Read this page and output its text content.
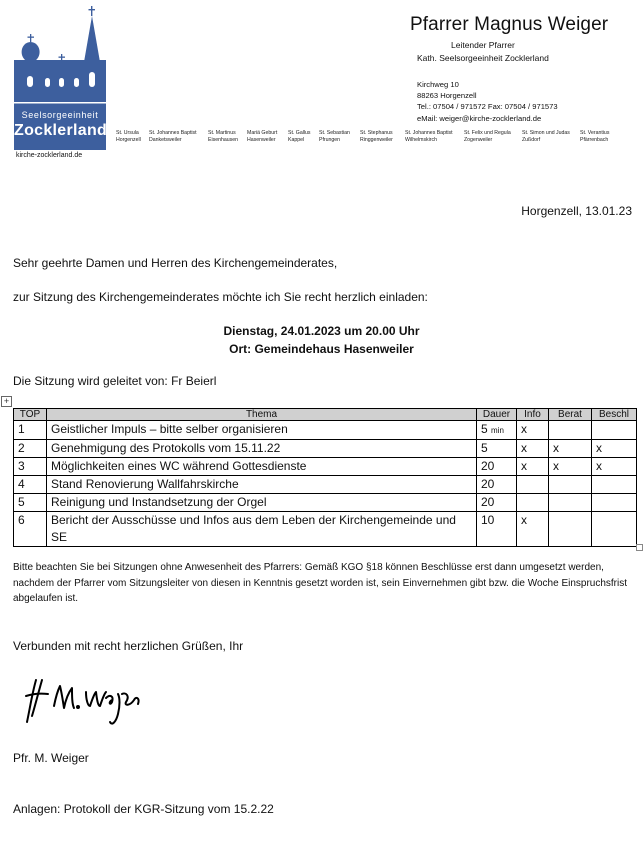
Seelsorgeeinheit
Zocklerland
kirche-zocklerland.de
St. Ursula
Horgenzell
St. Johannes Baptist
Danketsweiler
St. Martinus
Eisenhausen
Mariä Geburt
Hasenweiler
St. Gallus
Kappel
St. Sebastian
Pfrungen
St. Stephanus
Ringgenweiler
St. Johannes Baptist
Wilhelmskirch
St. Felix und Regula
Zogenweiler
St. Simon und Judas
Zußdorf
St. Verantius
Pfärrenbach
Pfarrer Magnus Weiger
Leitender Pfarrer
Kath. Seelsorgeeinheit Zocklerland
Kirchweg 10
88263 Horgenzell
Tel.: 07504 / 971572 Fax: 07504 / 971573
eMail: weiger@kirche-zocklerland.de
Horgenzell, 13.01.23
Sehr geehrte Damen und Herren des Kirchengemeinderates,
zur Sitzung des Kirchengemeinderates möchte ich Sie recht herzlich einladen:
Dienstag, 24.01.2023 um 20.00 Uhr
Ort: Gemeindehaus Hasenweiler
Die Sitzung wird geleitet von: Fr Beierl
+
TOP	Thema	Dauer	Info	Berat	Beschl
1	Geistlicher Impuls – bitte selber organisieren	5 min	x		
2	Genehmigung des Protokolls vom 15.11.22	5	x	x	x
3	Möglichkeiten eines WC während Gottesdienste	20	x	x	x
4	Stand Renovierung Wallfahrskirche	20			
5	Reinigung und Instandsetzung der Orgel	20			
6	Bericht der Ausschüsse und Infos aus dem Leben der Kirchengemeinde und SE	10	x		
Bitte beachten Sie bei Sitzungen ohne Anwesenheit des Pfarrers: Gemäß KGO §18 können Beschlüsse erst dann umgesetzt werden, nachdem der Pfarrer vom Sitzungsleiter von diesen in Kenntnis gesetzt worden ist, sein Einvernehmen gibt bzw. die Woche Einspruchsfrist abgelaufen ist.
Verbunden mit recht herzlichen Grüßen, Ihr
Pfr. M. Weiger
Anlagen: Protokoll der KGR-Sitzung vom 15.2.22
